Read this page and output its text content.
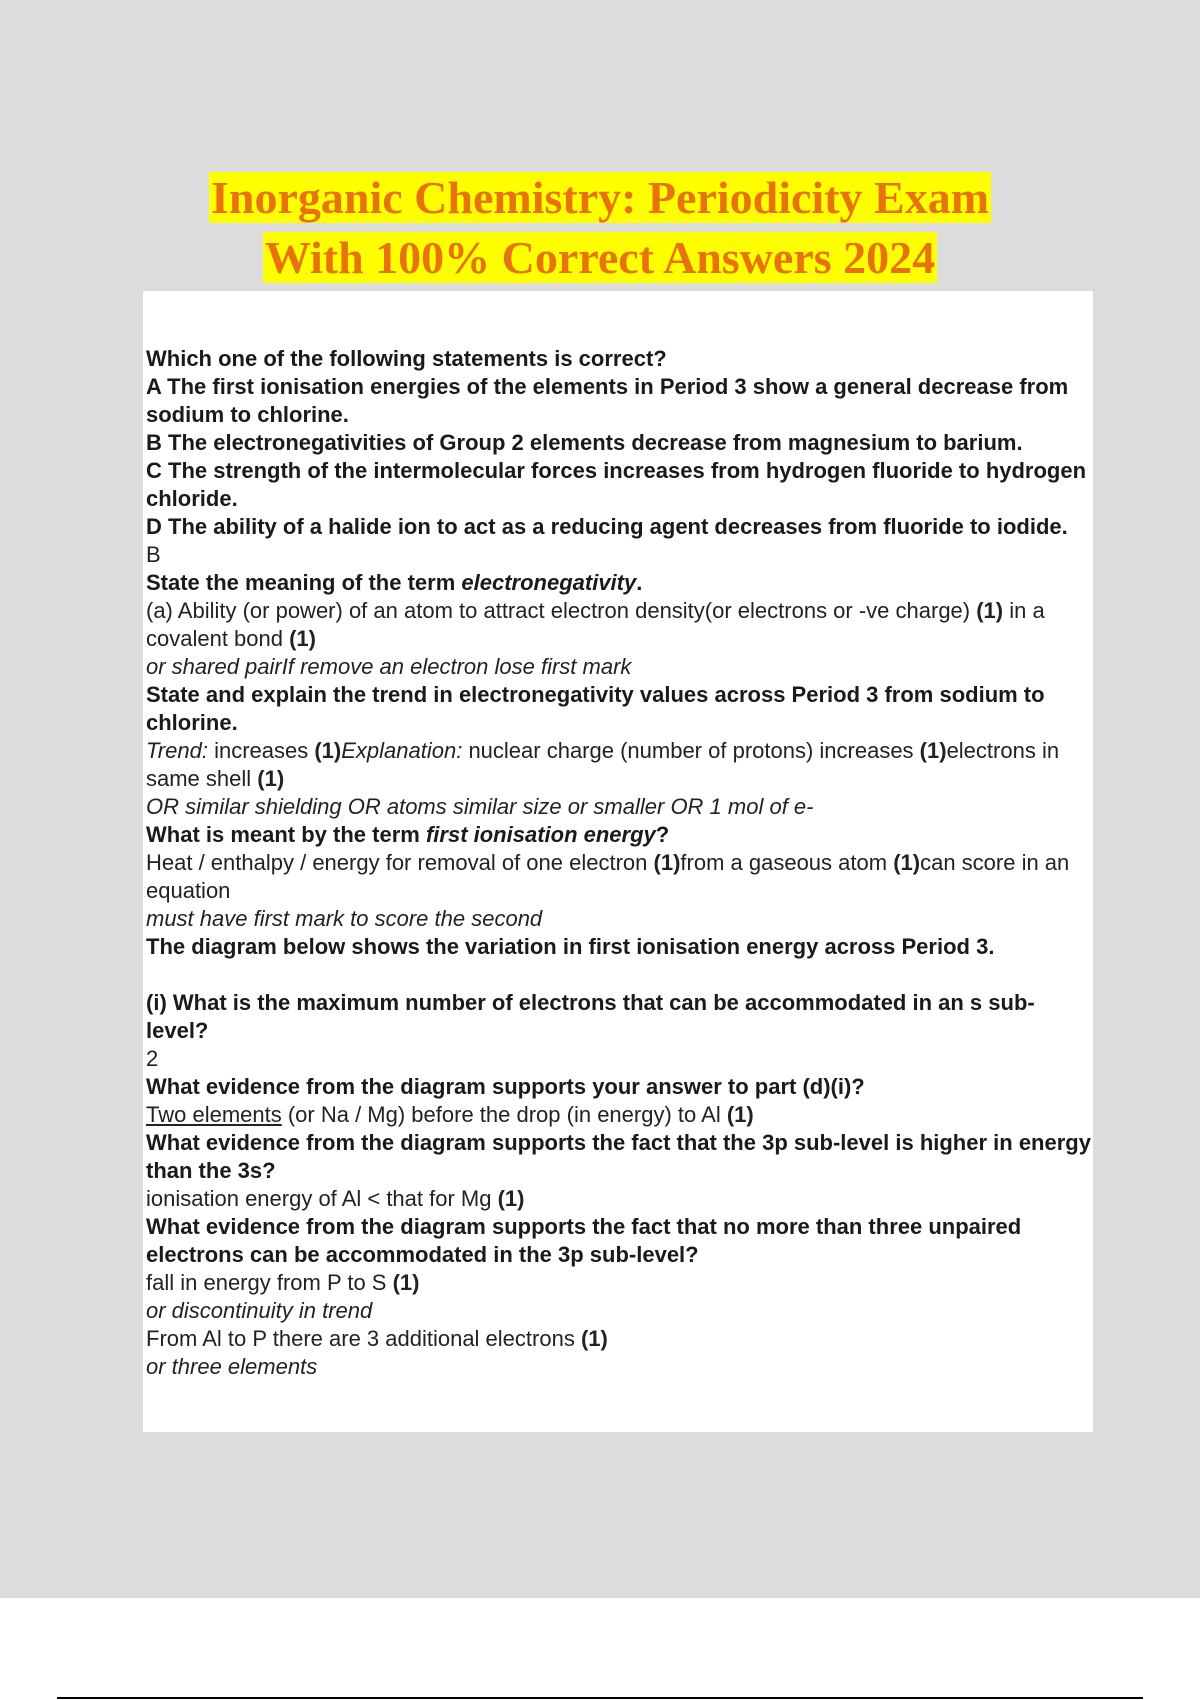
Inorganic Chemistry: Periodicity Exam
With 100% Correct Answers 2024

Which one of the following statements is correct?

A The first ionisation energies of the elements in Period 3 show a general decrease from sodium to chlorine.

B The electronegativities of Group 2 elements decrease from magnesium to barium.

C The strength of the intermolecular forces increases from hydrogen fluoride to hydrogen chloride.

D The ability of a halide ion to act as a reducing agent decreases from fluoride to iodide.

B

State the meaning of the term electronegativity.

(a) Ability (or power) of an atom to attract electron density(or electrons or -ve charge) (1) in a covalent bond (1)

or shared pairIf remove an electron lose first mark

State and explain the trend in electronegativity values across Period 3 from sodium to chlorine.

Trend: increases (1)Explanation: nuclear charge (number of protons) increases (1)electrons in same shell (1)

OR similar shielding OR atoms similar size or smaller OR 1 mol of e-

What is meant by the term first ionisation energy?

Heat / enthalpy / energy for removal of one electron (1)from a gaseous atom (1)can score in an equation

must have first mark to score the second

The diagram below shows the variation in first ionisation energy across Period 3.

(i) What is the maximum number of electrons that can be accommodated in an s sub-level?

2

What evidence from the diagram supports your answer to part (d)(i)?

Two elements (or Na / Mg) before the drop (in energy) to Al (1)

What evidence from the diagram supports the fact that the 3p sub-level is higher in energy than the 3s?

ionisation energy of Al < that for Mg (1)

What evidence from the diagram supports the fact that no more than three unpaired electrons can be accommodated in the 3p sub-level?

fall in energy from P to S (1)

or discontinuity in trend

From Al to P there are 3 additional electrons (1)

or three elements
